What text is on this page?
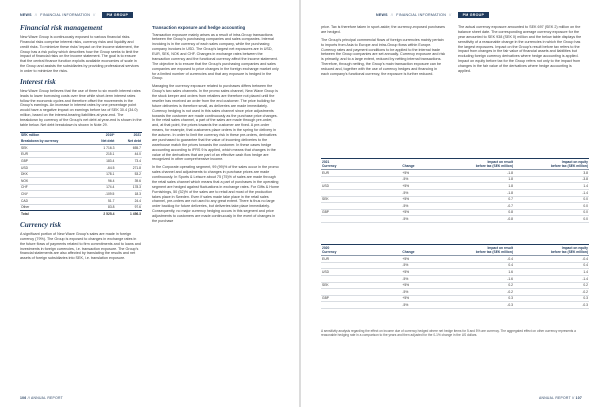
NEWS // FINANCIAL INFORMATION //	PM GROUP
Financial risk management

New Wave Group is continuously exposed to various financial risks. Financial risks comprise interest risks, currency risks and liquidity and credit risks. To minimize these risks' impact on the income statement, the Group has a risk policy which describes how the Group seeks to limit the impact of financial risks on the income statement. The goal is to ensure that the central finance function exploits available economies of scale in the Group and assists the subsidiaries by providing professional services in order to minimize the risks.

Interest risk

New Wave Group believes that the use of three to six month interest rates leads to lower borrowing costs over time while short-term interest rates follow the economic cycles and therefore offset the movements in the Group's earnings. An increase in interest rates by one percentage point would have a negative impact on earnings before tax of SEK 30.4 (34.0) million, based on the interest-bearing liabilities at year-end. The breakdown by currency of the Group's net debt at year-end is shown in the table below. Net debt breakdown is shown in Note 29.

SEK million	2019*	2021
Breakdown by currency	Net debt	Net debt
SEK	1 716.3	655.7
EUR	215.1	44.0
GBP	183.4	73.4
USD	-64.5	271.8
DKK	178.1	53.2
NOK	96.4	39.6
CHF	174.4	178.3
CNY	-109.5	18.3
CAD	51.7	24.4
Other	83.8	97.6
Total	2 525.4	1 456.3
Currency risk

A significant portion of New Wave Group's sales are made in foreign currency (79%). The Group is exposed to changes in exchange rates in the future flows of payments related to firm commitments and to loans and investments in foreign currencies, i.e. transaction exposure. The Group's financial statements are also affected by translating the results and net assets of foreign subsidiaries into SEK, i.e. translation exposure.

Transaction exposure and hedge accounting

Transaction exposure mainly arises as a result of intra-Group transactions between the Group's purchasing companies and sales companies. Internal invoicing is in the currency of each sales company, while the purchasing company invoices in USD. The Group's largest net exposures are in USD, EUR, SEK, NOK and CHF. Changes in exchange rates between the transaction currency and the functional currency affect the income statement. The objective is to ensure that the Group's purchasing companies and sales companies are exposed to price changes in the foreign exchange market only for a limited number of currencies and that any exposure is hedged in the Group.

Managing the currency exposure related to purchases differs between the Group's two sales channels. In the promo sales channel, New Wave Group is the stock keeper and orders from retailers are therefore not placed until the reseller has received an order from the end customer. The price building for future deliveries is therefore small, as deliveries are made immediately. Currency hedging is not used in this sales channel since price adjustments towards the customer are made continuously as the purchase price changes. In the retail sales channel, a part of the sales are made through pre-order, and, at that point, the prices towards the customer are fixed. A pre-order means, for example, that customers place orders in the spring for delivery in the autumn. In order to limit the currency risk in these pre-orders, derivatives are purchased to guarantee that the value of incoming deliveries to the warehouse match the prices towards the customer. In these cases hedge accounting according to IFRS 9 is applied, which means that changes in the value of the derivatives that are part of an effective cash flow hedge are recognized in other comprehensive income.

In the Corporate operating segment, 99 (99)% of the sales occur in the promo sales channel and adjustments to changes in purchase prices are made continuously. In Sports & Leisure about 75 (75)% of sales are made through the retail sales channel which means that a part of purchases in the operating segment are hedged against fluctuations in exchange rates. For Gifts & Home Furnishings, 50 (52)% of the sales are to retail and most of the production takes place in Sweden. Even if sales made take place in the retail sales channel, pre-orders are not used to any great extent. There is thus no large order backlog for future deliveries, but deliveries take place immediately. Consequently, no major currency hedging occurs in this segment and price adjustments to customers are made continuously in the event of changes in the purchase

106 // ANNUAL REPORT
NEWS // FINANCIAL INFORMATION //	PM GROUP

price. Tax is therefore taken in sport-aside; the currency-exposed purchases are hedged.

The Group's principal commercial flows of foreign currencies mainly pertain to imports from Asia to Europe and intra-Group flows within Europe. Currency rates and payment conditions to be applied to the internal trade between the Group companies are set annually. Currency exposure and risk is primarily, and to a large extent, reduced by netting internal transactions. Therefore, through netting, the Group's main transaction exposure can be reduced and, together with the use of currency hedges and financing in each company's functional currency, the exposure is further reduced.

The actual currency exposure amounted to SEK 697 (SEK 2) million on the balance sheet date. The corresponding average currency exposure for the year amounted to SEK 938 (SEK 0) million and the below table displays the sensitivity of a reasonable change in the currencies in which the Group has the largest exposures. Impact on the Group's result before tax refers to the impact from changes in the fair value of financial assets and liabilities but excluding foreign currency derivatives where hedge accounting is applied. Impact on equity before tax for the Group refers not only to the impact from changes in the fair value of the derivatives where hedge accounting is applied.

2021
Currency	Change	Impact on result
before tax (SEK million)	Impact on equity
before tax (SEK million)
EUR	+5%	-1.8	3.8
	-5%	1.8	-3.8
USD	+5%	1.8	1.4
	-5%	-1.8	-1.4
SEK	+5%	0.7	0.0
	-5%	-0.7	0.0
GBP	+5%	0.8	0.0
	-5%	-0.8	0.0
2020
Currency	Change	Impact on result
before tax (SEK million)	Impact on equity
before tax (SEK million)
EUR	+5%	-0.4	-0.4
	-5%	0.4	0.4
USD	+5%	1.6	1.4
	-5%	-1.6	-1.4
SEK	+5%	0.2	0.2
	-5%	-0.2	-0.2
GBP	+5%	0.3	0.3
	-5%	-0.3	-0.3
A sensitivity analysis regarding the effect on income due of currency hedged where net hedge items for 5 and 5% are currency. The aggregated effect on other currency represents a reasonable hedging rate in a comparison to the years and then adjusted for the 0-1% change in the US dollars.
ANNUAL REPORT // 107
